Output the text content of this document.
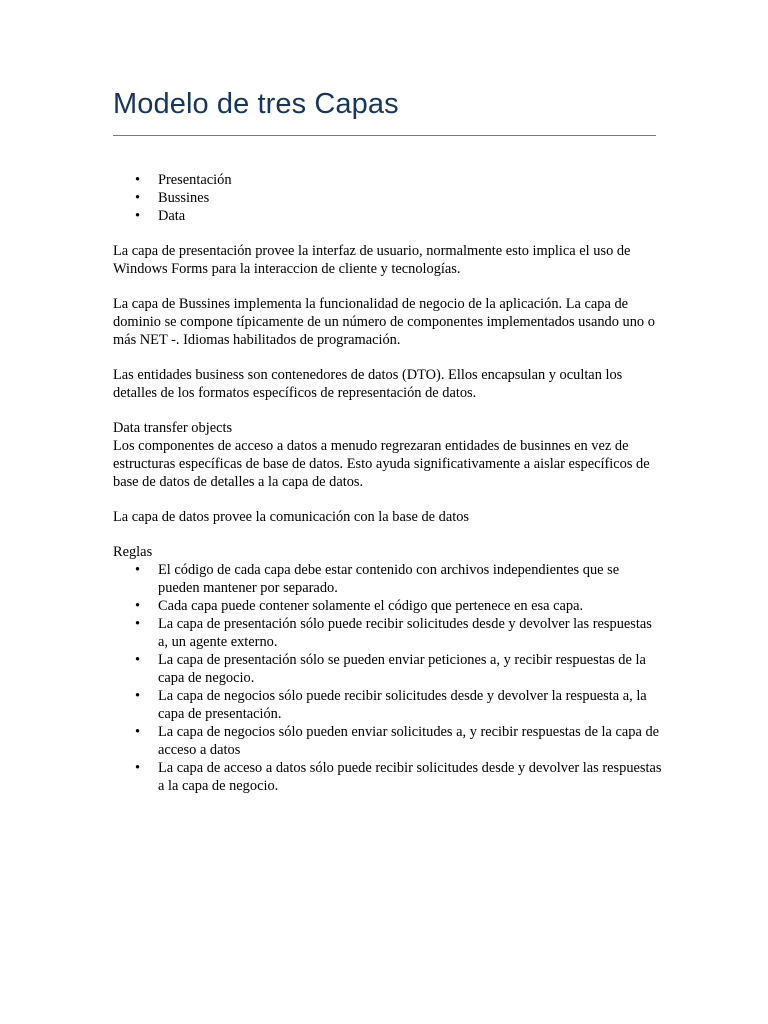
Modelo de tres Capas
• Presentación
• Bussines
• Data

La capa de presentación provee la interfaz de usuario, normalmente esto implica el uso de Windows Forms para la interaccion de cliente y tecnologías.

La capa de Bussines implementa la funcionalidad de negocio de la aplicación. La capa de dominio se compone típicamente de un número de componentes implementados usando uno o más NET -. Idiomas habilitados de programación.

Las entidades business son contenedores de datos (DTO). Ellos encapsulan y ocultan los detalles de los formatos específicos de representación de datos.

Data transfer objects

Los componentes de acceso a datos a menudo regrezaran entidades de businnes en vez de estructuras específicas de base de datos. Esto ayuda significativamente a aislar específicos de base de datos de detalles a la capa de datos.

La capa de datos provee la comunicación con la base de datos

Reglas

• El código de cada capa debe estar contenido con archivos independientes que se pueden mantener por separado.
• Cada capa puede contener solamente el código que pertenece en esa capa.
• La capa de presentación sólo puede recibir solicitudes desde y devolver las respuestas a, un agente externo.
• La capa de presentación sólo se pueden enviar peticiones a, y recibir respuestas de la capa de negocio.
• La capa de negocios sólo puede recibir solicitudes desde y devolver la respuesta a, la capa de presentación.
• La capa de negocios sólo pueden enviar solicitudes a, y recibir respuestas de la capa de acceso a datos
• La capa de acceso a datos sólo puede recibir solicitudes desde y devolver las respuestas a la capa de negocio.
